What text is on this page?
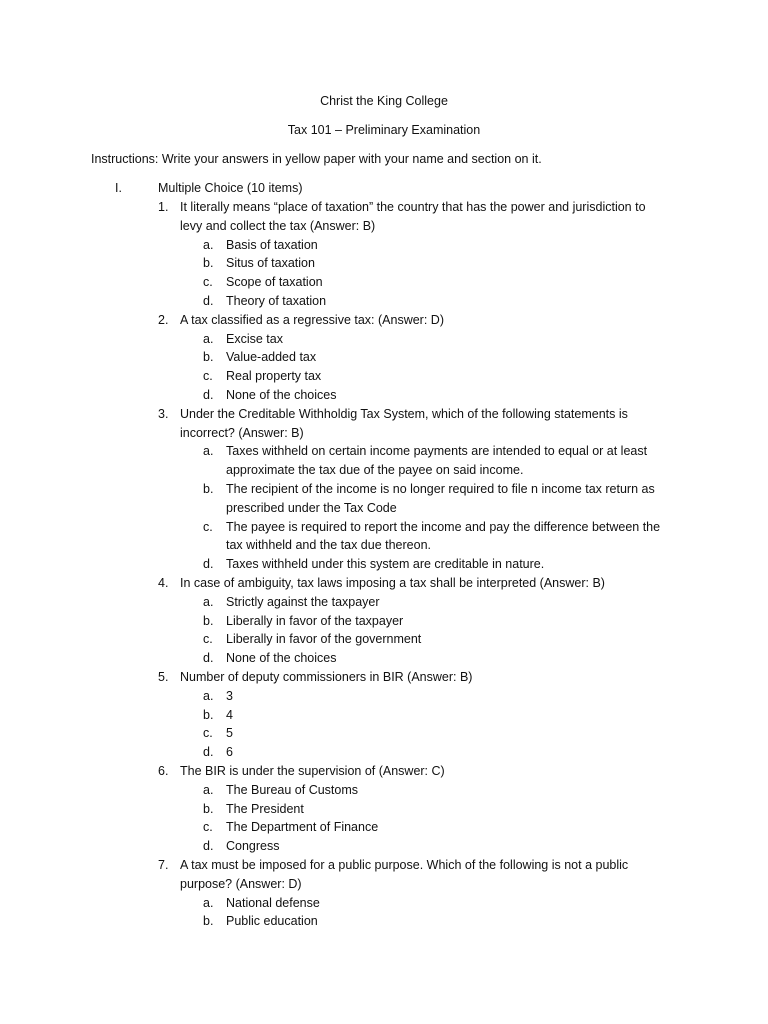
Christ the King College
Tax 101 – Preliminary Examination
Instructions: Write your answers in yellow paper with your name and section on it.
I.	Multiple Choice (10 items)
1. It literally means “place of taxation” the country that has the power and jurisdiction to
levy and collect the tax (Answer: B)
a. Basis of taxation
b. Situs of taxation
c. Scope of taxation
d. Theory of taxation
2. A tax classified as a regressive tax: (Answer: D)
a. Excise tax
b. Value-added tax
c. Real property tax
d. None of the choices
3. Under the Creditable Withholdig Tax System, which of the following statements is
incorrect? (Answer: B)
a. Taxes withheld on certain income payments are intended to equal or at least
approximate the tax due of the payee on said income.
b. The recipient of the income is no longer required to file n income tax return as
prescribed under the Tax Code
c. The payee is required to report the income and pay the difference between the
tax withheld and the tax due thereon.
d. Taxes withheld under this system are creditable in nature.
4. In case of ambiguity, tax laws imposing a tax shall be interpreted (Answer: B)
a. Strictly against the taxpayer
b. Liberally in favor of the taxpayer
c. Liberally in favor of the government
d. None of the choices
5. Number of deputy commissioners in BIR (Answer: B)
a. 3
b. 4
c. 5
d. 6
6. The BIR is under the supervision of (Answer: C)
a. The Bureau of Customs
b. The President
c. The Department of Finance
d. Congress
7. A tax must be imposed for a public purpose. Which of the following is not a public
purpose? (Answer: D)
a. National defense
b. Public education
